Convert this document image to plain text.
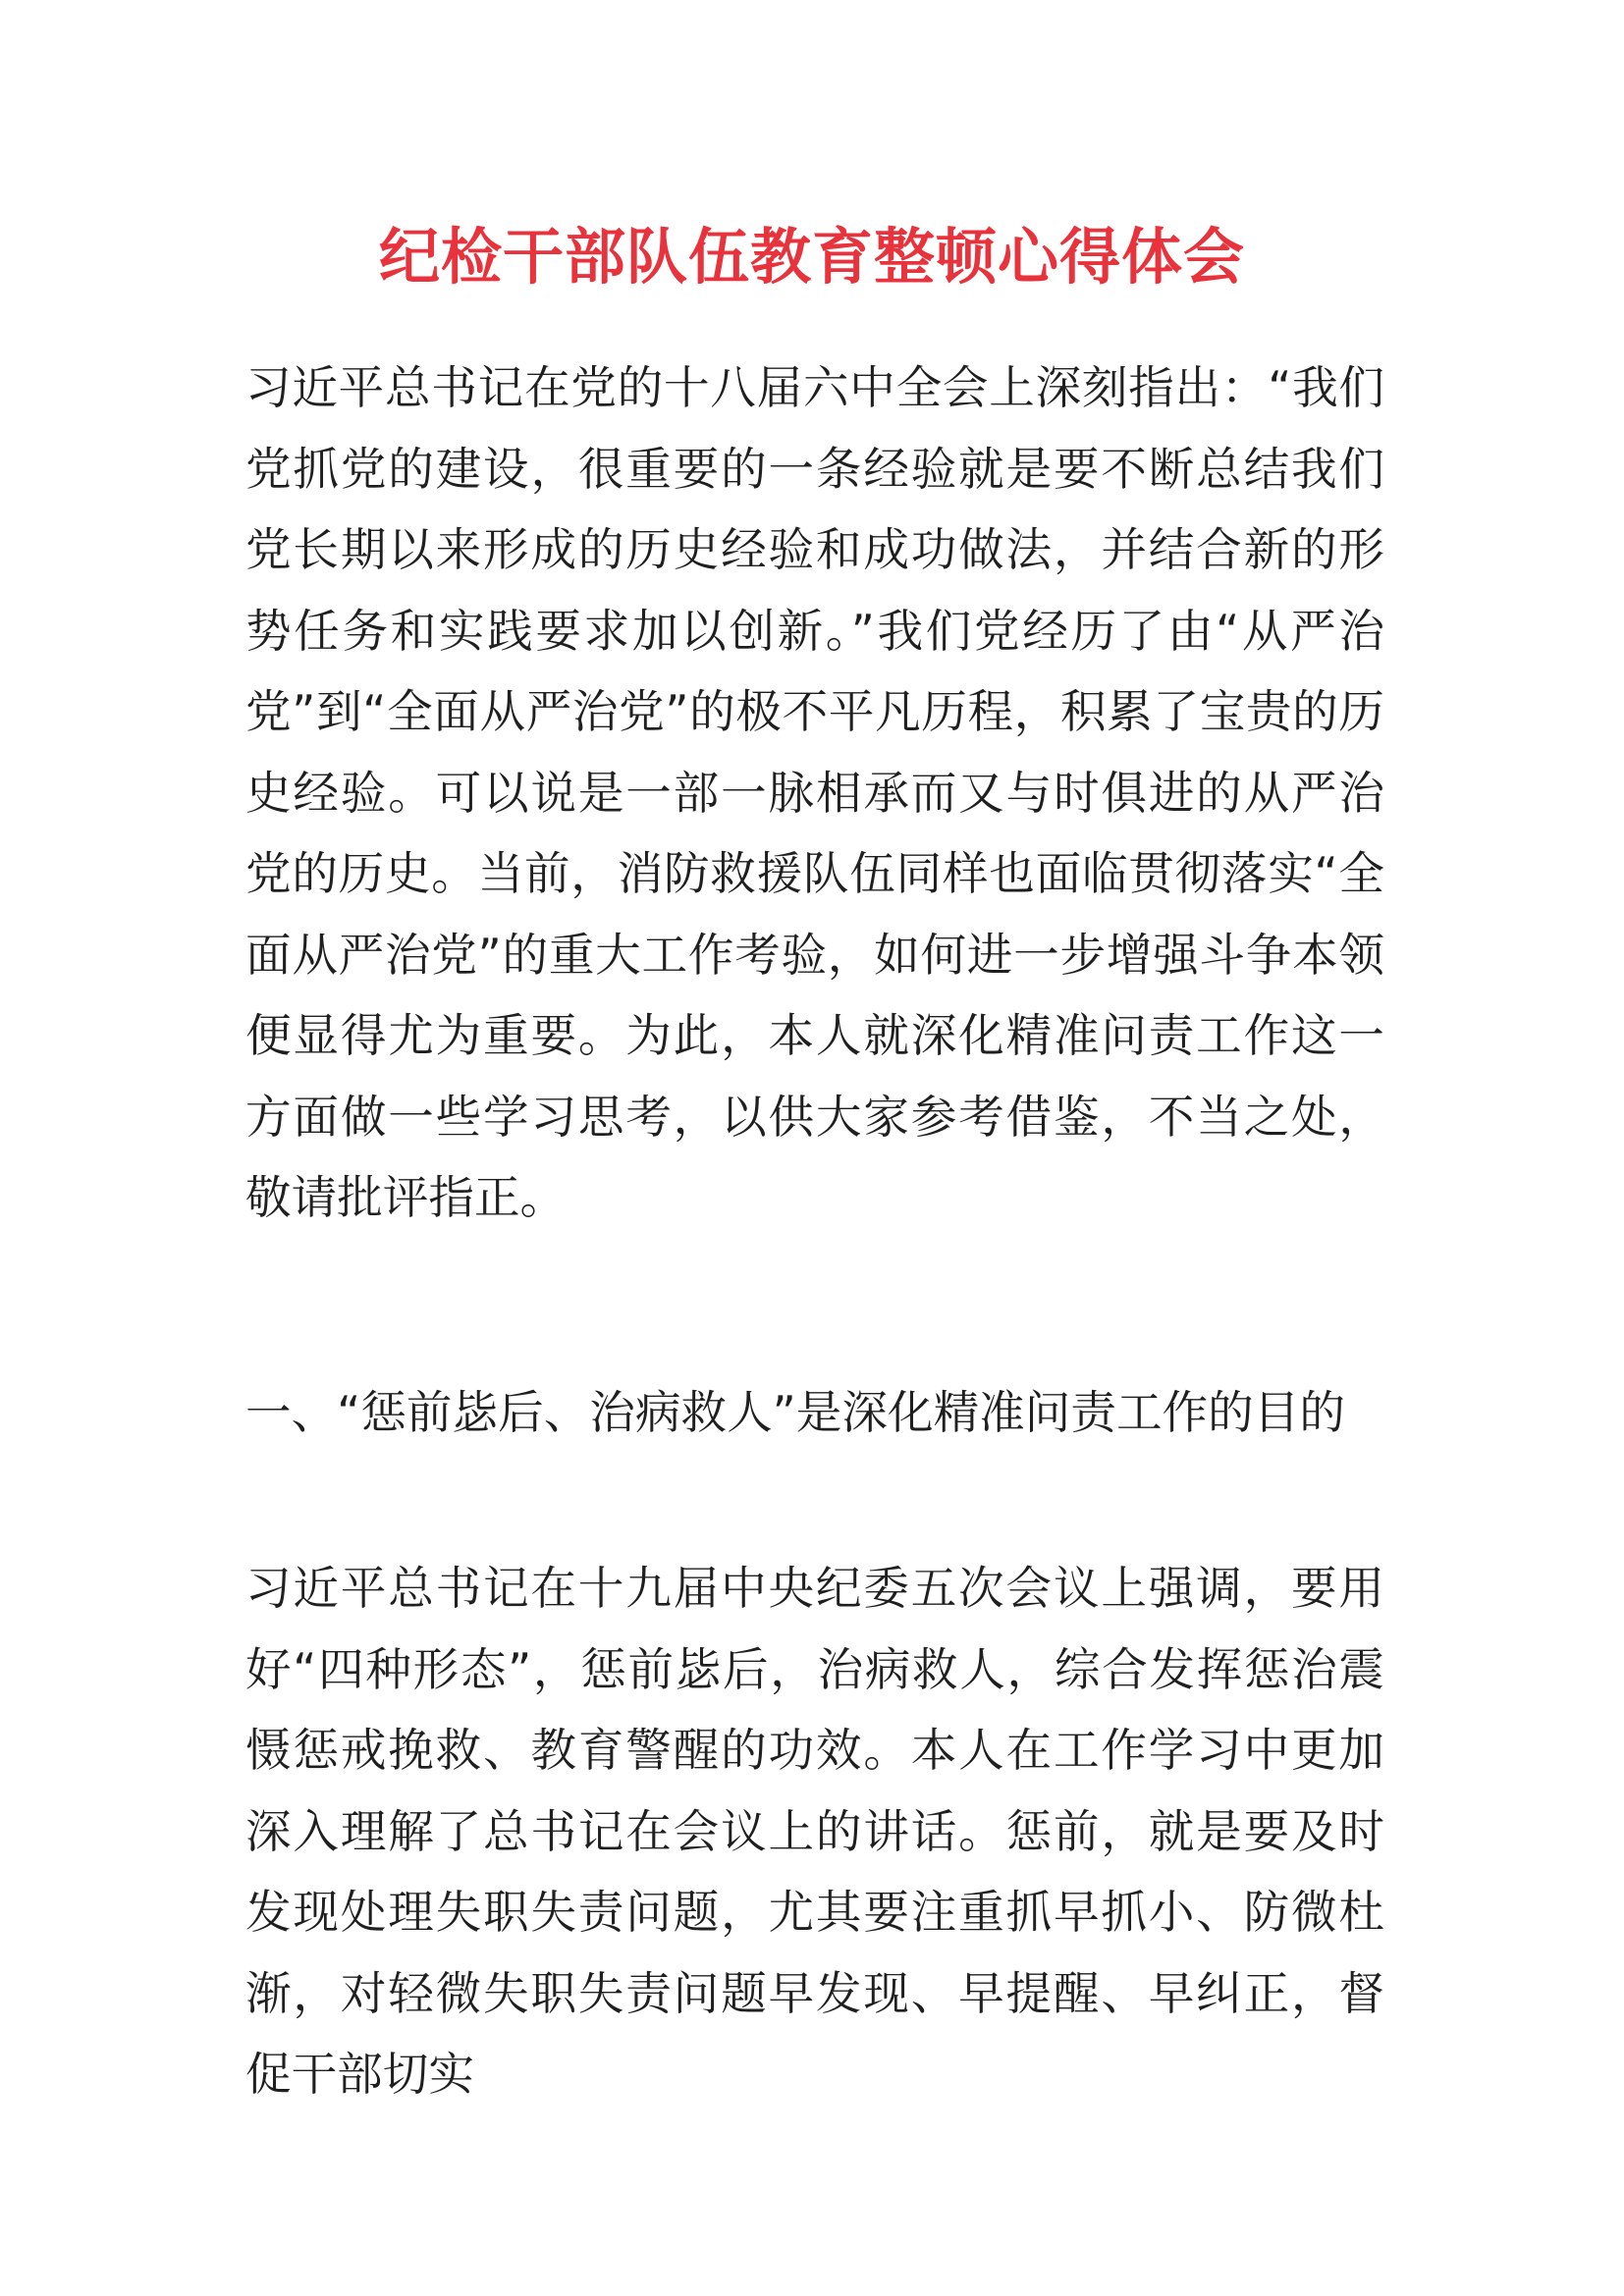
纪检干部队伍教育整顿心得体会

习近平总书记在党的十八届六中全会上深刻指出：“我们党抓党的建设，很重要的一条经验就是要不断总结我们党长期以来形成的历史经验和成功做法，并结合新的形势任务和实践要求加以创新。”我们党经历了由“从严治党”到“全面从严治党”的极不平凡历程，积累了宝贵的历史经验。可以说是一部一脉相承而又与时俱进的从严治党的历史。当前，消防救援队伍同样也面临贯彻落实“全面从严治党”的重大工作考验，如何进一步增强斗争本领便显得尤为重要。为此，本人就深化精准问责工作这一方面做一些学习思考，以供大家参考借鉴，不当之处，敬请批评指正。

一、“惩前毖后、治病救人”是深化精准问责工作的目的

习近平总书记在十九届中央纪委五次会议上强调，要用好“四种形态”，惩前毖后，治病救人，综合发挥惩治震慑惩戒挽救、教育警醒的功效。本人在工作学习中更加深入理解了总书记在会议上的讲话。惩前，就是要及时发现处理失职失责问题，尤其要注重抓早抓小、防微杜渐，对轻微失职失责问题早发现、早提醒、早纠正，督促干部切实
